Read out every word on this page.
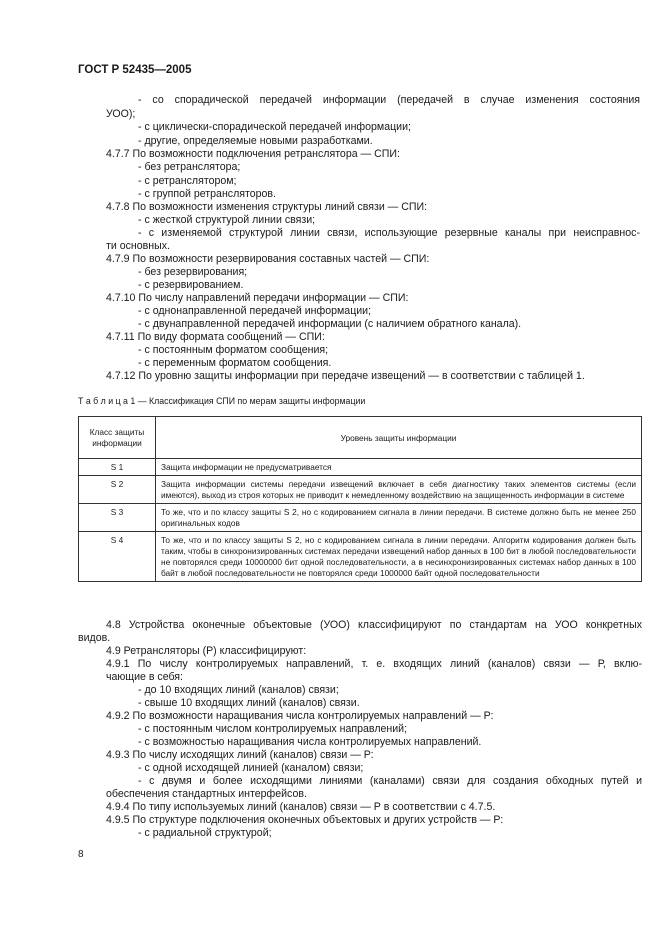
ГОСТ Р 52435—2005
- со спорадической передачей информации (передачей в случае изменения состояния
УОО);
- с циклически-спорадической передачей информации;
- другие, определяемые новыми разработками.
4.7.7 По возможности подключения ретранслятора — СПИ:
- без ретранслятора;
- с ретранслятором;
- с группой ретрансляторов.
4.7.8 По возможности изменения структуры линий связи — СПИ:
- с жесткой структурой линии связи;
- с изменяемой структурой линии связи, использующие резервные каналы при неисправнос-
ти основных.
4.7.9 По возможности резервирования составных частей — СПИ:
- без резервирования;
- с резервированием.
4.7.10 По числу направлений передачи информации — СПИ:
- с однонаправленной передачей информации;
- с двунаправленной передачей информации (с наличием обратного канала).
4.7.11 По виду формата сообщений — СПИ:
- с постоянным форматом сообщения;
- с переменным форматом сообщения.
4.7.12 По уровню защиты информации при передаче извещений — в соответствии с таблицей 1.
4.8 Устройства оконечные объектовые (УОО) классифицируют по стандартам на УОО конкретных
видов.
4.9 Ретрансляторы (Р) классифицируют:
4.9.1 По числу контролируемых направлений, т. е. входящих линий (каналов) связи — Р, вклю-
чающие в себя:
- до 10 входящих линий (каналов) связи;
- свыше 10 входящих линий (каналов) связи.
4.9.2 По возможности наращивания числа контролируемых направлений — Р:
- с постоянным числом контролируемых направлений;
- с возможностью наращивания числа контролируемых направлений.
4.9.3 По числу исходящих линий (каналов) связи — Р:
- с одной исходящей линией (каналом) связи;
- с двумя и более исходящими линиями (каналами) связи для создания обходных путей и
обеспечения стандартных интерфейсов.
4.9.4 По типу используемых линий (каналов) связи — Р в соответствии с 4.7.5.
4.9.5 По структуре подключения оконечных объектовых и других устройств — Р:
- с радиальной структурой;
Т а б л и ц а 1 — Классификация СПИ по мерам защиты информации
Класс защиты информации	Уровень защиты информации
S 1	Защита информации не предусматривается
S 2	Защита информации системы передачи извещений включает в себя диагностику таких элементов системы (если имеются), выход из строя которых не приводит к немедленному воздействию на защищенность информации в системе
S 3	То же, что и по классу защиты S 2, но с кодированием сигнала в линии передачи. В системе должно быть не менее 250 оригинальных кодов
S 4	То же, что и по классу защиты S 2, но с кодированием сигнала в линии передачи. Алгоритм кодирования должен быть таким, чтобы в синхронизированных системах передачи извещений набор данных в 100 бит в любой последовательности не повторялся среди 10000000 бит одной последовательности, а в несинхронизированных системах набор данных в 100 байт в любой последовательности не повторялся среди 1000000 байт одной последовательности
8
